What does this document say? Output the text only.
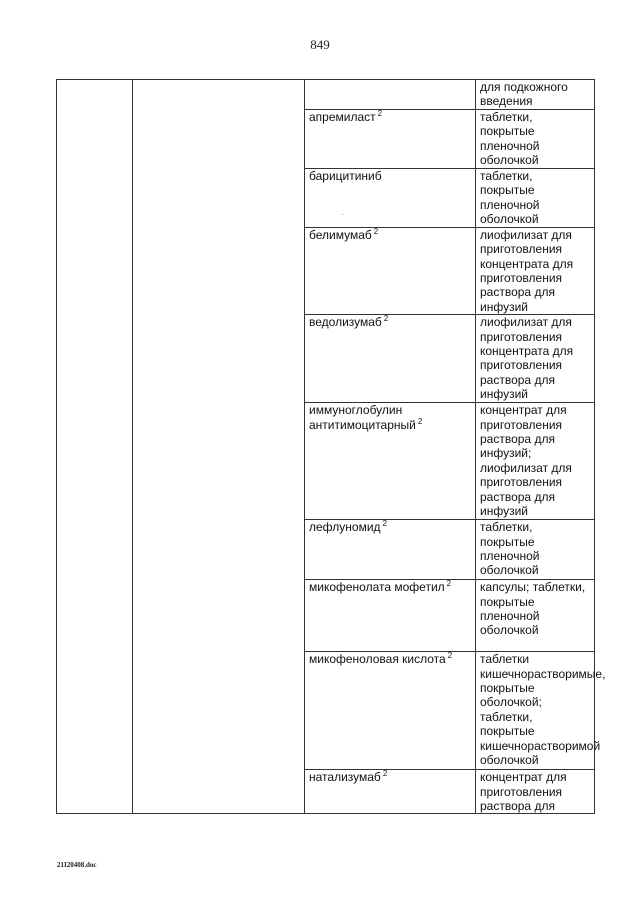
849
			для подкожного введения
		апремиласт $^2$	таблетки, покрытые пленочной оболочкой
		барицитиниб	таблетки, покрытые пленочной оболочкой
		белимумаб $^2$	лиофилизат для приготовления концентрата для приготовления раствора для инфузий
		ведолизумаб $^2$	лиофилизат для приготовления концентрата для приготовления раствора для инфузий
		иммуноглобулин антитимоцитарный $^2$	концентрат для приготовления раствора для инфузий; лиофилизат для приготовления раствора для инфузий
		лефлуномид $^2$	таблетки, покрытые пленочной оболочкой
		микофенолата мофетил $^2$	капсулы; таблетки, покрытые пленочной оболочкой
		микофеноловая кислота $^2$	таблетки кишечнорастворимые, покрытые оболочкой; таблетки, покрытые кишечнорастворимой оболочкой
		натализумаб $^2$	концентрат для приготовления раствора для
21I20408.doc
